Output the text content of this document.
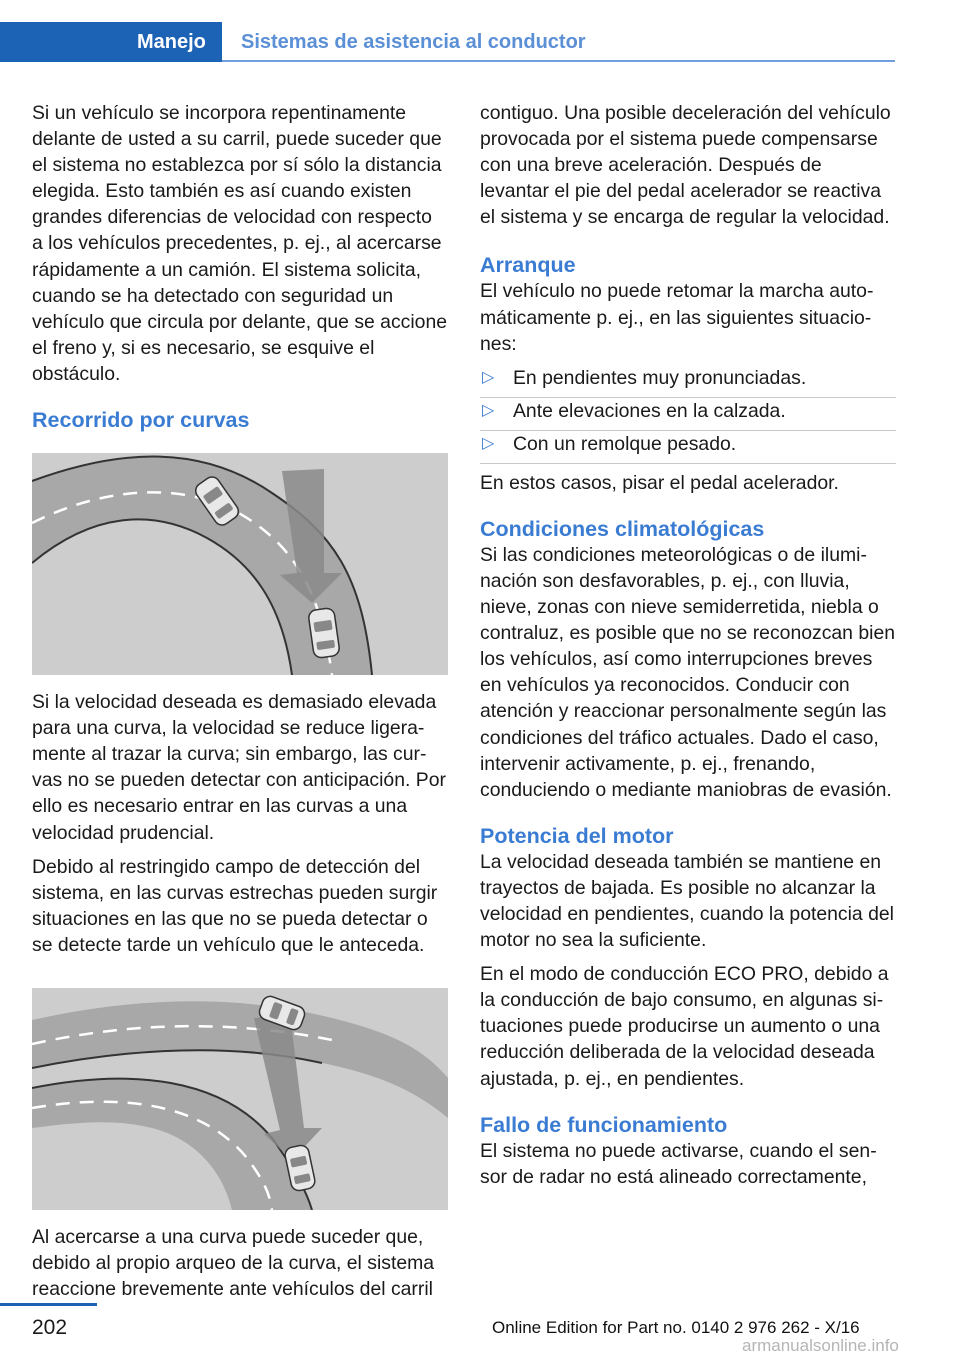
Manejo	Sistemas de asistencia al conductor

Si un vehículo se incorpora repentinamente delante de usted a su carril, puede suceder que el sistema no establezca por sí sólo la distancia elegida. Esto también es así cuando existen grandes diferencias de velocidad con respecto a los vehículos precedentes, p. ej., al acercarse rápidamente a un camión. El sistema solicita, cuando se ha detectado con seguridad un vehículo que circula por delante, que se accione el freno y, si es necesario, se esquive el obstáculo.

Recorrido por curvas

Si la velocidad deseada es demasiado elevada para una curva, la velocidad se reduce ligeramente al trazar la curva; sin embargo, las curvas no se pueden detectar con anticipación. Por ello es necesario entrar en las curvas a una velocidad prudencial.

Debido al restringido campo de detección del sistema, en las curvas estrechas pueden surgir situaciones en las que no se pueda detectar o se detecte tarde un vehículo que le anteceda.

Al acercarse a una curva puede suceder que, debido al propio arqueo de la curva, el sistema reaccione brevemente ante vehículos del carril

contiguo. Una posible deceleración del vehículo provocada por el sistema puede compensarse con una breve aceleración. Después de levantar el pie del pedal acelerador se reactiva el sistema y se encarga de regular la velocidad.

Arranque

El vehículo no puede retomar la marcha automáticamente p. ej., en las siguientes situaciones:

▷ En pendientes muy pronunciadas.
▷ Ante elevaciones en la calzada.
▷ Con un remolque pesado.

En estos casos, pisar el pedal acelerador.

Condiciones climatológicas

Si las condiciones meteorológicas o de iluminación son desfavorables, p. ej., con lluvia, nieve, zonas con nieve semiderretida, niebla o contraluz, es posible que no se reconozcan bien los vehículos, así como interrupciones breves en vehículos ya reconocidos. Conducir con atención y reaccionar personalmente según las condiciones del tráfico actuales. Dado el caso, intervenir activamente, p. ej., frenando, conduciendo o mediante maniobras de evasión.

Potencia del motor

La velocidad deseada también se mantiene en trayectos de bajada. Es posible no alcanzar la velocidad en pendientes, cuando la potencia del motor no sea la suficiente.

En el modo de conducción ECO PRO, debido a la conducción de bajo consumo, en algunas situaciones puede producirse un aumento o una reducción deliberada de la velocidad deseada ajustada, p. ej., en pendientes.

Fallo de funcionamiento

El sistema no puede activarse, cuando el sensor de radar no está alineado correctamente,

202	Online Edition for Part no. 0140 2 976 262 - X/16
armanualsonline.info
